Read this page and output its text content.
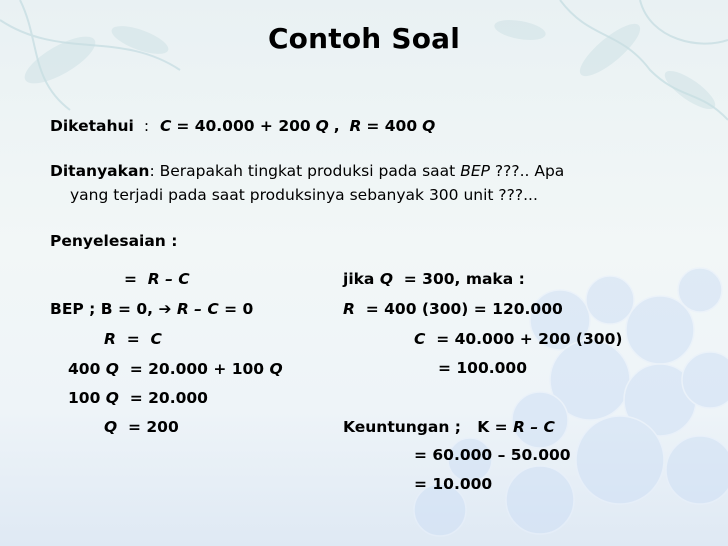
Contoh Soal
Diketahui : C = 40.000 + 200 Q , R = 400 Q
Ditanyakan: Berapakah tingkat produksi pada saat BEP ???.. Apa
yang terjadi pada saat produksinya sebanyak 300 unit ???...
Penyelesaian :
= R – C
BEP ; B = 0, ➔ R – C = 0
R = C
400 Q = 20.000 + 100 Q
100 Q = 20.000
Q = 200
jika Q = 300, maka :
R = 400 (300) = 120.000
C = 40.000 + 200 (300)
= 100.000
Keuntungan ; K = R – C
= 60.000 – 50.000
= 10.000
